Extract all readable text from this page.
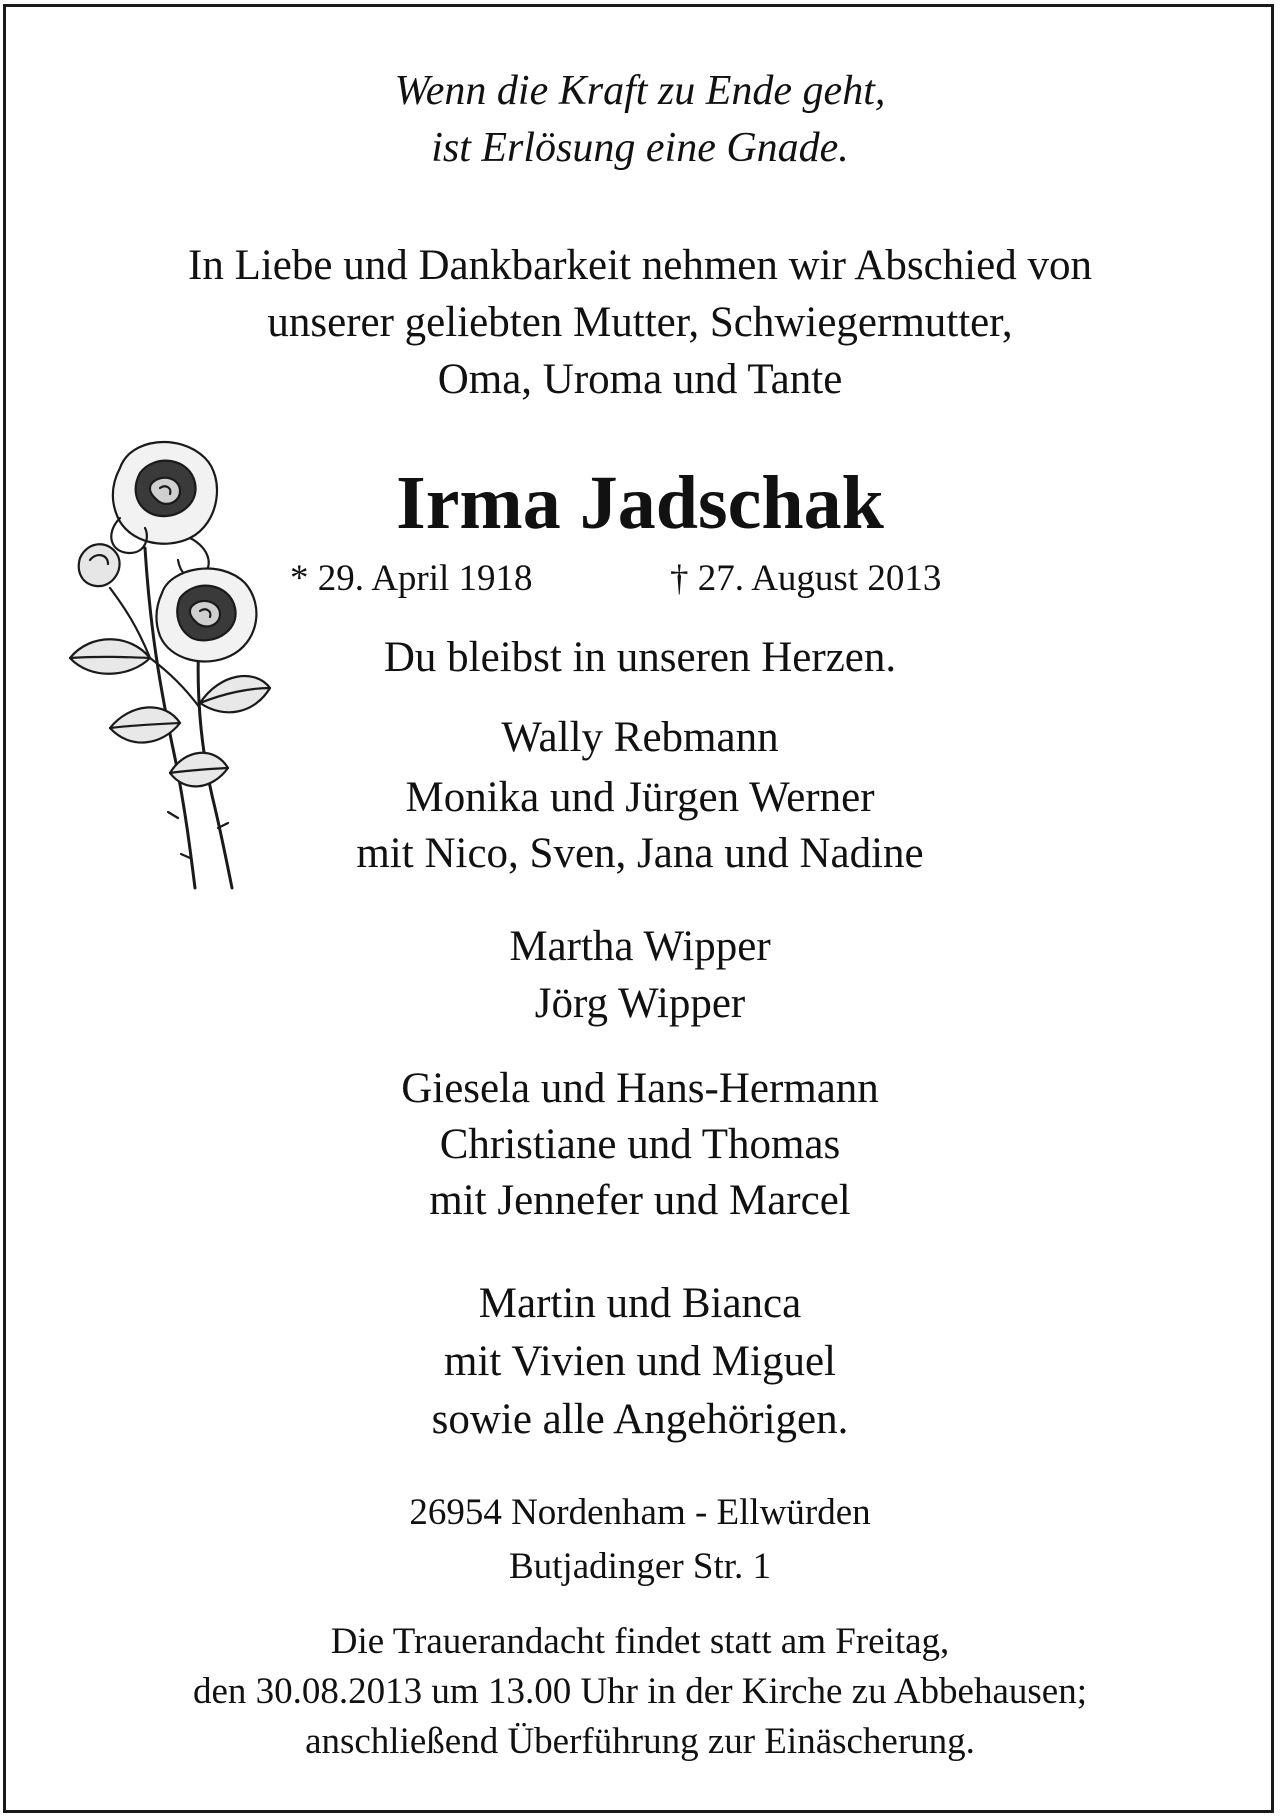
Wenn die Kraft zu Ende geht,
ist Erlösung eine Gnade.
In Liebe und Dankbarkeit nehmen wir Abschied von
unserer geliebten Mutter, Schwiegermutter,
Oma, Uroma und Tante
Irma Jadschak
* 29. April 1918	† 27. August 2013
Du bleibst in unseren Herzen.
Wally Rebmann
Monika und Jürgen Werner
mit Nico, Sven, Jana und Nadine
Martha Wipper
Jörg Wipper
Giesela und Hans-Hermann
Christiane und Thomas
mit Jennefer und Marcel
Martin und Bianca
mit Vivien und Miguel
sowie alle Angehörigen.
26954 Nordenham - Ellwürden
Butjadinger Str. 1
Die Trauerandacht findet statt am Freitag,
den 30.08.2013 um 13.00 Uhr in der Kirche zu Abbehausen;
anschließend Überführung zur Einäscherung.
